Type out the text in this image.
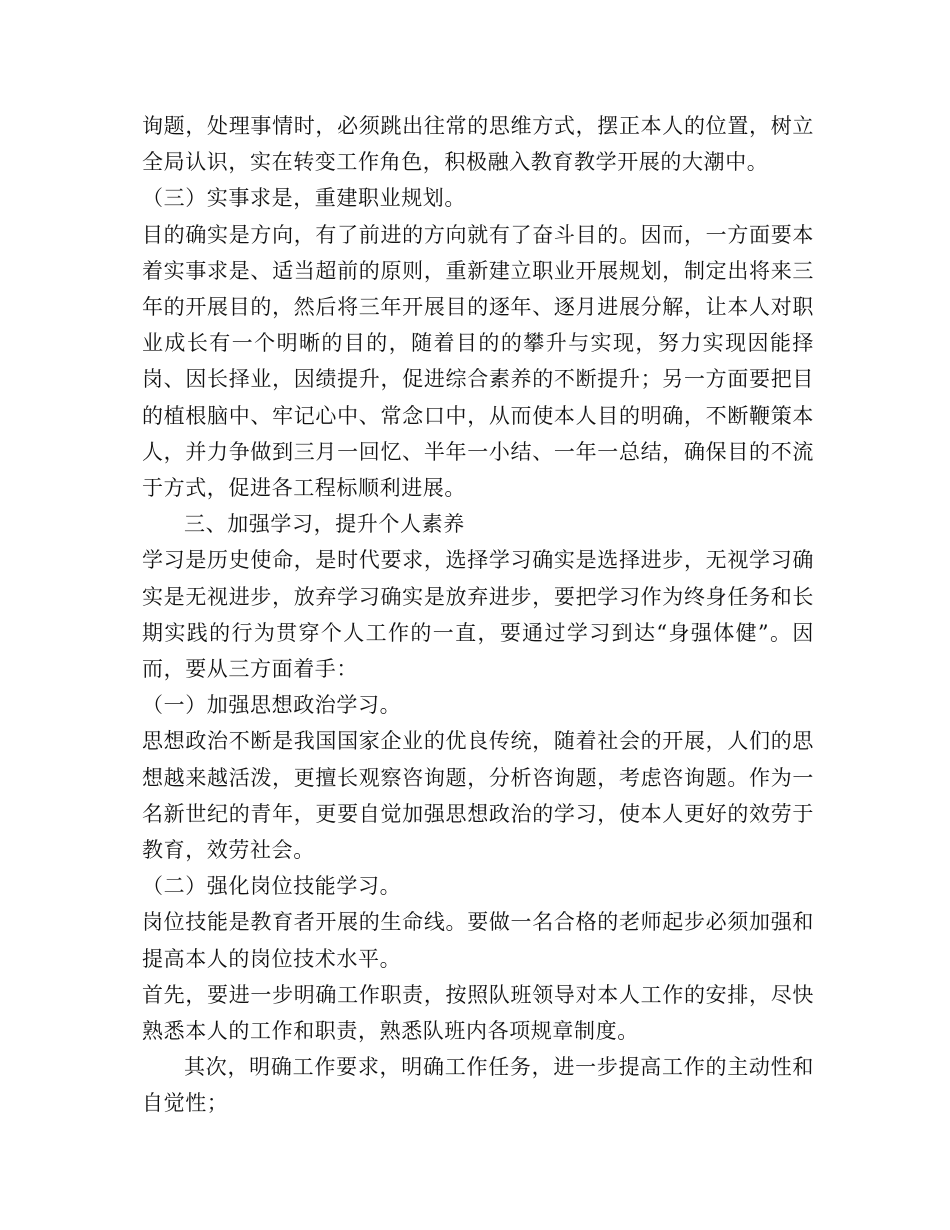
询题，处理事情时，必须跳出往常的思维方式，摆正本人的位置，树立全局认识，实在转变工作角色，积极融入教育教学开展的大潮中。

（三）实事求是，重建职业规划。

目的确实是方向，有了前进的方向就有了奋斗目的。因而，一方面要本着实事求是、适当超前的原则，重新建立职业开展规划，制定出将来三年的开展目的，然后将三年开展目的逐年、逐月进展分解，让本人对职业成长有一个明晰的目的，随着目的的攀升与实现，努力实现因能择岗、因长择业，因绩提升，促进综合素养的不断提升；另一方面要把目的植根脑中、牢记心中、常念口中，从而使本人目的明确，不断鞭策本人，并力争做到三月一回忆、半年一小结、一年一总结，确保目的不流于方式，促进各工程标顺利进展。

三、加强学习，提升个人素养

学习是历史使命，是时代要求，选择学习确实是选择进步，无视学习确实是无视进步，放弃学习确实是放弃进步，要把学习作为终身任务和长期实践的行为贯穿个人工作的一直，要通过学习到达“身强体健”。因而，要从三方面着手：

（一）加强思想政治学习。

思想政治不断是我国国家企业的优良传统，随着社会的开展，人们的思想越来越活泼，更擅长观察咨询题，分析咨询题，考虑咨询题。作为一名新世纪的青年，更要自觉加强思想政治的学习，使本人更好的效劳于教育，效劳社会。

（二）强化岗位技能学习。

岗位技能是教育者开展的生命线。要做一名合格的老师起步必须加强和提高本人的岗位技术水平。

首先，要进一步明确工作职责，按照队班领导对本人工作的安排，尽快熟悉本人的工作和职责，熟悉队班内各项规章制度。

其次，明确工作要求，明确工作任务，进一步提高工作的主动性和自觉性；
